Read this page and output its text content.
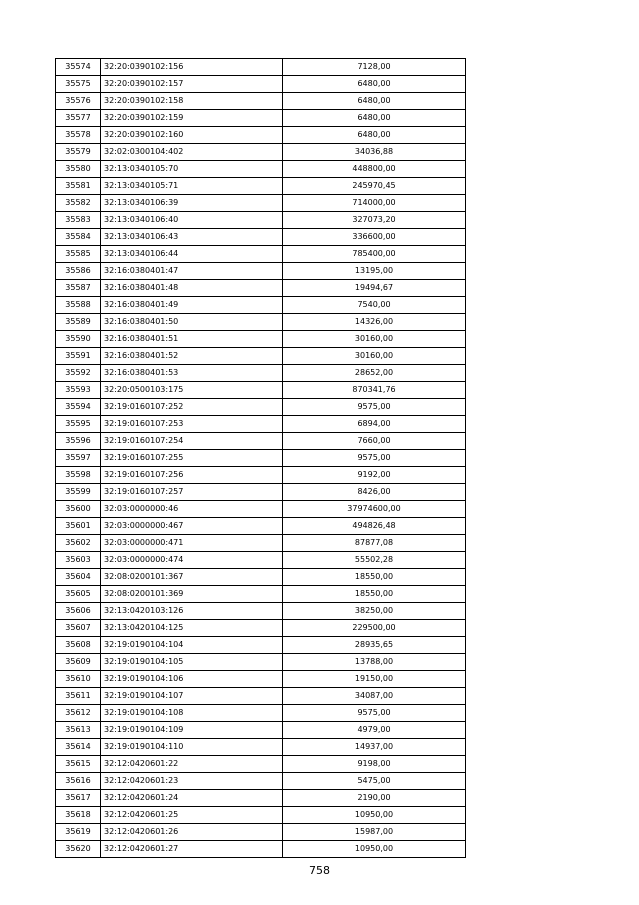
35574	32:20:0390102:156	7128,00
35575	32:20:0390102:157	6480,00
35576	32:20:0390102:158	6480,00
35577	32:20:0390102:159	6480,00
35578	32:20:0390102:160	6480,00
35579	32:02:0300104:402	34036,88
35580	32:13:0340105:70	448800,00
35581	32:13:0340105:71	245970,45
35582	32:13:0340106:39	714000,00
35583	32:13:0340106:40	327073,20
35584	32:13:0340106:43	336600,00
35585	32:13:0340106:44	785400,00
35586	32:16:0380401:47	13195,00
35587	32:16:0380401:48	19494,67
35588	32:16:0380401:49	7540,00
35589	32:16:0380401:50	14326,00
35590	32:16:0380401:51	30160,00
35591	32:16:0380401:52	30160,00
35592	32:16:0380401:53	28652,00
35593	32:20:0500103:175	870341,76
35594	32:19:0160107:252	9575,00
35595	32:19:0160107:253	6894,00
35596	32:19:0160107:254	7660,00
35597	32:19:0160107:255	9575,00
35598	32:19:0160107:256	9192,00
35599	32:19:0160107:257	8426,00
35600	32:03:0000000:46	37974600,00
35601	32:03:0000000:467	494826,48
35602	32:03:0000000:471	87877,08
35603	32:03:0000000:474	55502,28
35604	32:08:0200101:367	18550,00
35605	32:08:0200101:369	18550,00
35606	32:13:0420103:126	38250,00
35607	32:13:0420104:125	229500,00
35608	32:19:0190104:104	28935,65
35609	32:19:0190104:105	13788,00
35610	32:19:0190104:106	19150,00
35611	32:19:0190104:107	34087,00
35612	32:19:0190104:108	9575,00
35613	32:19:0190104:109	4979,00
35614	32:19:0190104:110	14937,00
35615	32:12:0420601:22	9198,00
35616	32:12:0420601:23	5475,00
35617	32:12:0420601:24	2190,00
35618	32:12:0420601:25	10950,00
35619	32:12:0420601:26	15987,00
35620	32:12:0420601:27	10950,00
758
